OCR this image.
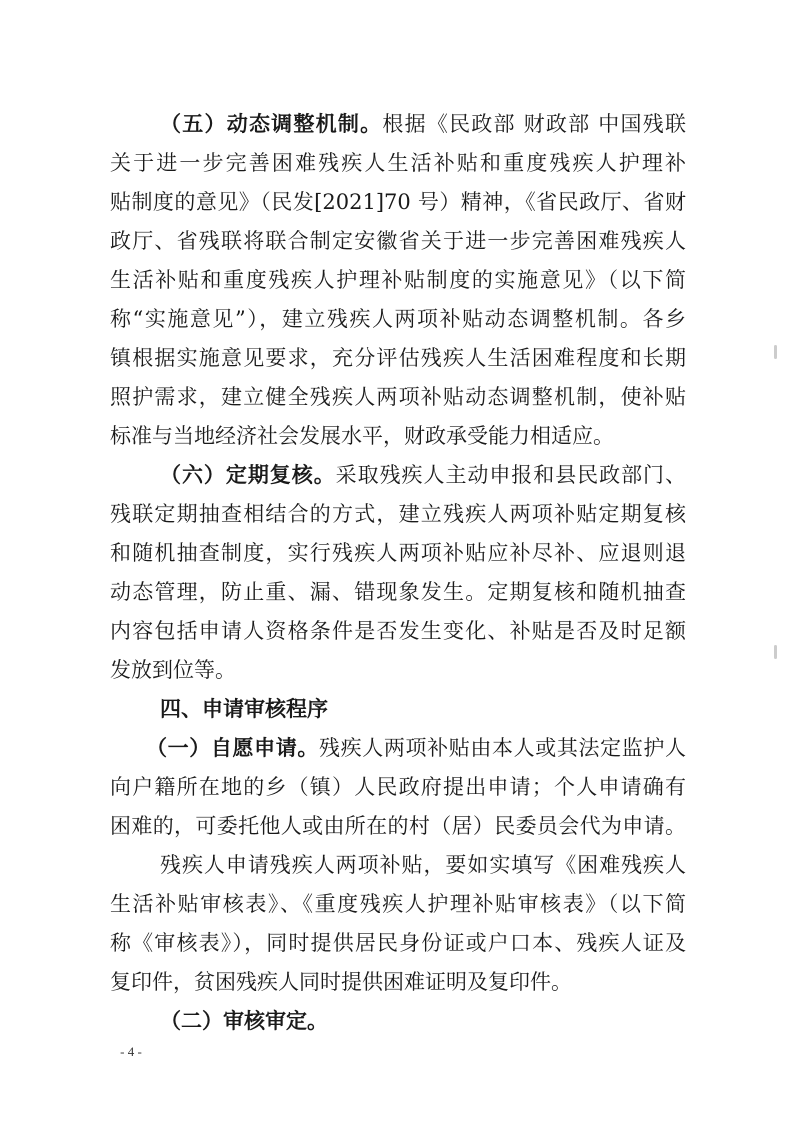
（五）动态调整机制。根据《民政部 财政部 中国残联
关于进一步完善困难残疾人生活补贴和重度残疾人护理补
贴制度的意见》（民发[2021]70 号）精神，《省民政厅、省财
政厅、省残联将联合制定安徽省关于进一步完善困难残疾人
生活补贴和重度残疾人护理补贴制度的实施意见》（以下简
称“实施意见”），建立残疾人两项补贴动态调整机制。各乡
镇根据实施意见要求，充分评估残疾人生活困难程度和长期
照护需求，建立健全残疾人两项补贴动态调整机制，使补贴
标准与当地经济社会发展水平，财政承受能力相适应。
（六）定期复核。采取残疾人主动申报和县民政部门、
残联定期抽查相结合的方式，建立残疾人两项补贴定期复核
和随机抽查制度，实行残疾人两项补贴应补尽补、应退则退
动态管理，防止重、漏、错现象发生。定期复核和随机抽查
内容包括申请人资格条件是否发生变化、补贴是否及时足额
发放到位等。
四、申请审核程序
（一）自愿申请。残疾人两项补贴由本人或其法定监护人
向户籍所在地的乡（镇）人民政府提出申请；个人申请确有
困难的，可委托他人或由所在的村（居）民委员会代为申请。
残疾人申请残疾人两项补贴，要如实填写《困难残疾人
生活补贴审核表》、《重度残疾人护理补贴审核表》（以下简
称《审核表》），同时提供居民身份证或户口本、残疾人证及
复印件，贫困残疾人同时提供困难证明及复印件。
（二）审核审定。
- 4 -
